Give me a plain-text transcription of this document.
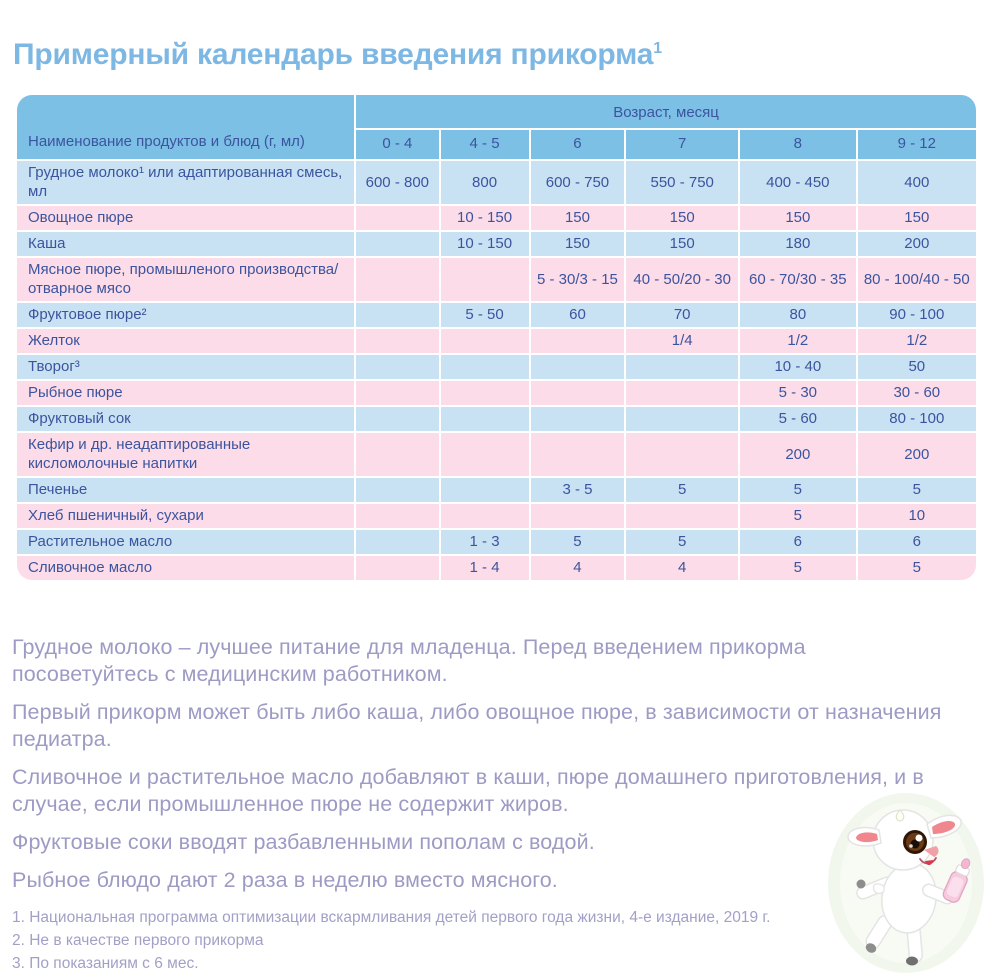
Примерный календарь введения прикорма$^1$
Наименование продуктов и блюд (г, мл)	Возраст, месяц					
	0 - 4	4 - 5	6	7	8	9 - 12
Грудное молоко¹ или адаптированная смесь, мл	600 - 800	800	600 - 750	550 - 750	400 - 450	400
Овощное пюре		10 - 150	150	150	150	150
Каша		10 - 150	150	150	180	200
Мясное пюре, промышленого производства/отварное мясо			5 - 30/3 - 15	40 - 50/20 - 30	60 - 70/30 - 35	80 - 100/40 - 50
Фруктовое пюре²		5 - 50	60	70	80	90 - 100
Желток				1/4	1/2	1/2
Творог³					10 - 40	50
Рыбное пюре					5 - 30	30 - 60
Фруктовый сок					5 - 60	80 - 100
Кефир и др. неадаптированные кисломолочные напитки					200	200
Печенье			3 - 5	5	5	5
Хлеб пшеничный, сухари					5	10
Растительное масло		1 - 3	5	5	6	6
Сливочное масло		1 - 4	4	4	5	5

Грудное молоко – лучшее питание для младенца. Перед введением прикорма посоветуйтесь с медицинским работником.

Первый прикорм может быть либо каша, либо овощное пюре, в зависимости от назначения педиатра.

Сливочное и растительное масло добавляют в каши, пюре домашнего приготовления, и в случае, если промышленное пюре не содержит жиров.

Фруктовые соки вводят разбавленными пополам с водой.

Рыбное блюдо дают 2 раза в неделю вместо мясного.

1. Национальная программа оптимизации вскармливания детей первого года жизни, 4-е издание, 2019 г.
2. Не в качестве первого прикорма
3. По показаниям с 6 мес.
